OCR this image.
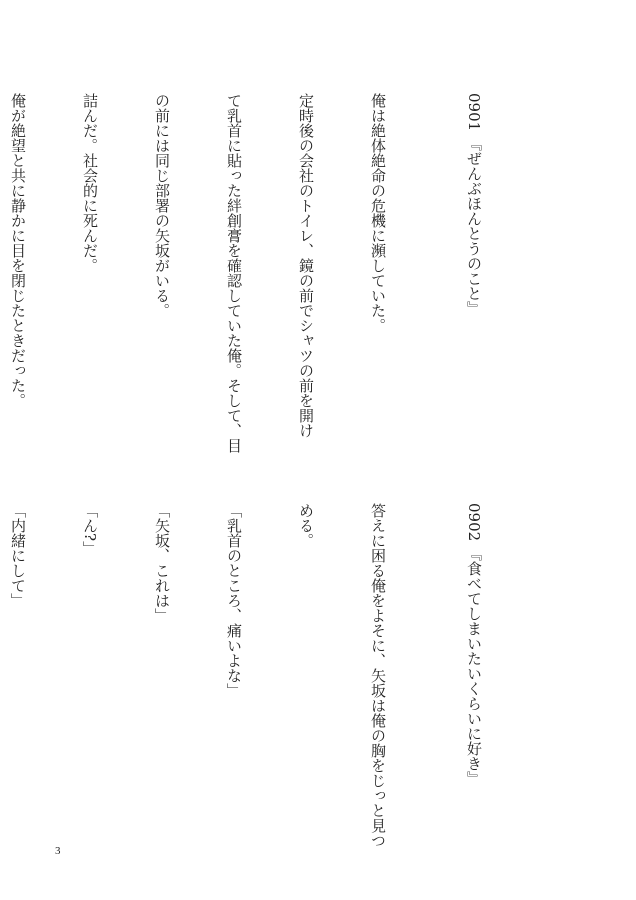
0901 『ぜんぶほんとうのこと』

俺は絶体絶命の危機に瀕していた。

定時後の会社のトイレ、鏡の前でシャツの前を開け

て乳首に貼った絆創膏を確認していた俺。そして、目

の前には同じ部署の矢坂がいる。

詰んだ。社会的に死んだ。

俺が絶望と共に静かに目を閉じたときだった。

0902 『食べてしまいたいくらいに好き』

答えに困る俺をよそに、矢坂は俺の胸をじっと見つ

める。

「乳首のところ、痛いよな」

「矢坂、これは」

「ん?」

「内緒にして」

3
